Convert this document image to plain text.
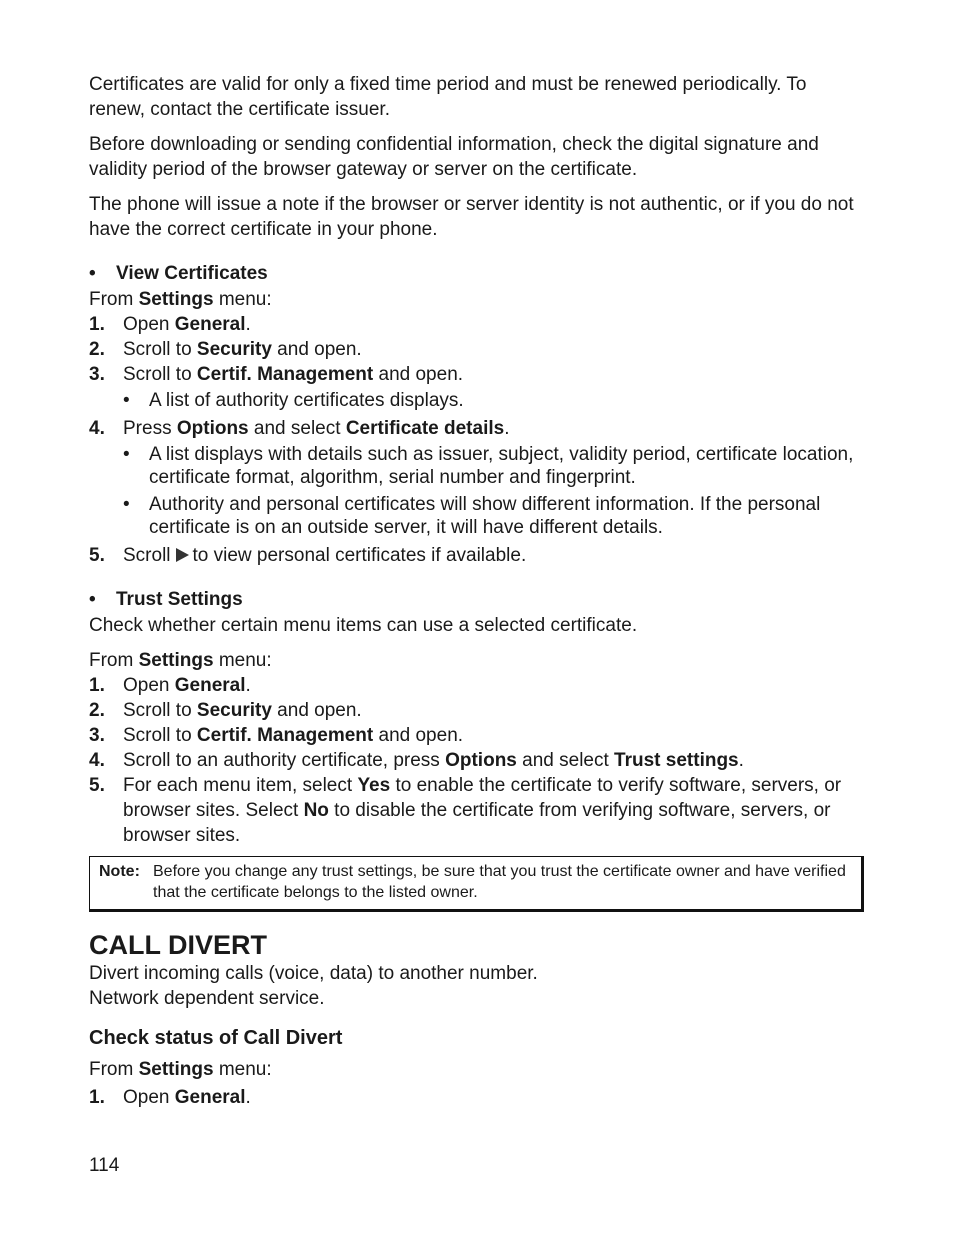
Certificates are valid for only a fixed time period and must be renewed periodically. To renew, contact the certificate issuer.

Before downloading or sending confidential information, check the digital signature and validity period of the browser gateway or server on the certificate.

The phone will issue a note if the browser or server identity is not authentic, or if you do not have the correct certificate in your phone.

• View Certificates

From Settings menu:

1. Open General.
2. Scroll to Security and open.
3. Scroll to Certif. Management and open.
• A list of authority certificates displays.
4. Press Options and select Certificate details.
• A list displays with details such as issuer, subject, validity period, certificate location, certificate format, algorithm, serial number and fingerprint.
• Authority and personal certificates will show different information. If the personal certificate is on an outside server, it will have different details.
5. Scroll to view personal certificates if available.
• Trust Settings

Check whether certain menu items can use a selected certificate.

From Settings menu:

1. Open General.
2. Scroll to Security and open.
3. Scroll to Certif. Management and open.
4. Scroll to an authority certificate, press Options and select Trust settings.
5. For each menu item, select Yes to enable the certificate to verify software, servers, or browser sites. Select No to disable the certificate from verifying software, servers, or browser sites.
Note: Before you change any trust settings, be sure that you trust the certificate owner and have verified that the certificate belongs to the listed owner.
CALL DIVERT

Divert incoming calls (voice, data) to another number.

Network dependent service.

Check status of Call Divert

From Settings menu:

1. Open General.
114
